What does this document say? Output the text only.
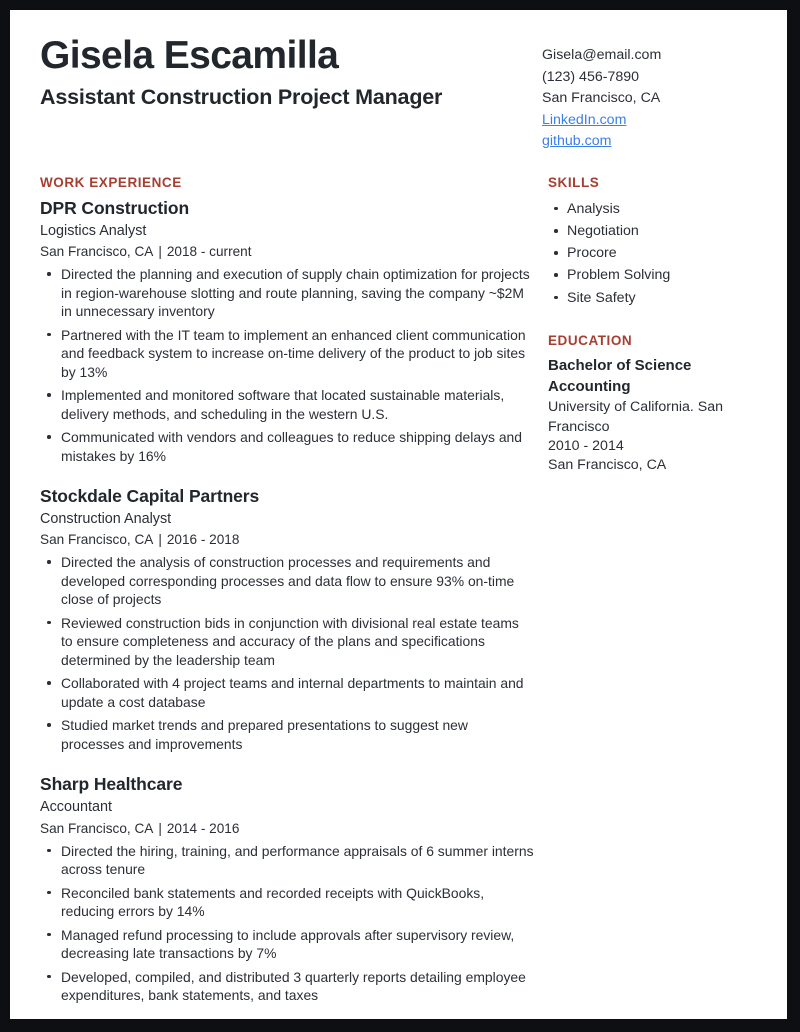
Gisela Escamilla
Assistant Construction Project Manager
Gisela@email.com
(123) 456-7890
San Francisco, CA
LinkedIn.com
github.com
WORK EXPERIENCE
DPR Construction
Logistics Analyst
San Francisco, CA | 2018 - current
Directed the planning and execution of supply chain optimization for projects in region-warehouse slotting and route planning, saving the company ~$2M in unnecessary inventory
Partnered with the IT team to implement an enhanced client communication and feedback system to increase on-time delivery of the product to job sites by 13%
Implemented and monitored software that located sustainable materials, delivery methods, and scheduling in the western U.S.
Communicated with vendors and colleagues to reduce shipping delays and mistakes by 16%
Stockdale Capital Partners
Construction Analyst
San Francisco, CA | 2016 - 2018
Directed the analysis of construction processes and requirements and developed corresponding processes and data flow to ensure 93% on-time close of projects
Reviewed construction bids in conjunction with divisional real estate teams to ensure completeness and accuracy of the plans and specifications determined by the leadership team
Collaborated with 4 project teams and internal departments to maintain and update a cost database
Studied market trends and prepared presentations to suggest new processes and improvements
Sharp Healthcare
Accountant
San Francisco, CA | 2014 - 2016
Directed the hiring, training, and performance appraisals of 6 summer interns across tenure
Reconciled bank statements and recorded receipts with QuickBooks, reducing errors by 14%
Managed refund processing to include approvals after supervisory review, decreasing late transactions by 7%
Developed, compiled, and distributed 3 quarterly reports detailing employee expenditures, bank statements, and taxes
SKILLS
Analysis
Negotiation
Procore
Problem Solving
Site Safety
EDUCATION
Bachelor of Science
Accounting
University of California. San Francisco
2010 - 2014
San Francisco, CA
